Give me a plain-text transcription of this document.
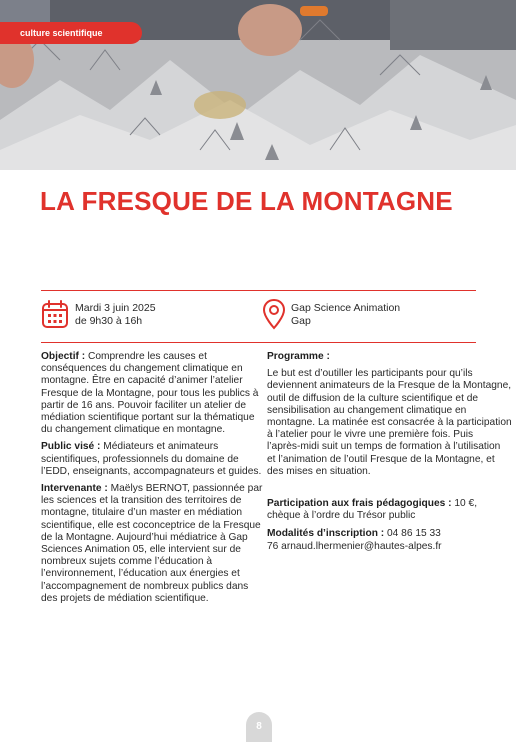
culture scientifique
LA FRESQUE DE LA MONTAGNE
Mardi 3 juin 2025
de 9h30 à 16h
Gap Science Animation
Gap

Objectif : Comprendre les causes et conséquences du changement climatique en montagne. Être en capacité d’animer l’atelier Fresque de la Montagne, pour tous les publics à partir de 16 ans. Pouvoir faciliter un atelier de médiation scientifique portant sur la thématique du changement climatique en montagne.

Public visé : Médiateurs et animateurs scientifiques, professionnels du domaine de l’EDD, enseignants, accompagnateurs et guides.

Intervenante : Maëlys BERNOT, passionnée par les sciences et la transition des territoires de montagne, titulaire d’un master en médiation scientifique, elle est coconceptrice de la Fresque de la Montagne. Aujourd’hui médiatrice à Gap Sciences Animation 05, elle intervient sur de nombreux sujets comme l’éducation à l’environnement, l’éducation aux énergies et l’accompagnement de nombreux publics dans des projets de médiation scientifique.

Programme :

Le but est d’outiller les participants pour qu’ils
deviennent animateurs de la Fresque de la Montagne,
outil de diffusion de la culture scientifique et de
sensibilisation au changement climatique en
montagne. La matinée est consacrée à la participation
à l’atelier pour le vivre une première fois. Puis
l’après-midi suit un temps de formation à l’utilisation
et l’animation de l’outil Fresque de la Montagne, et
des mises en situation.
Participation aux frais pédagogiques : 10 €,
chèque à l’ordre du Trésor public
Modalités d’inscription : 04 86 15 33
76 arnaud.lhermenier@hautes-alpes.fr
8
